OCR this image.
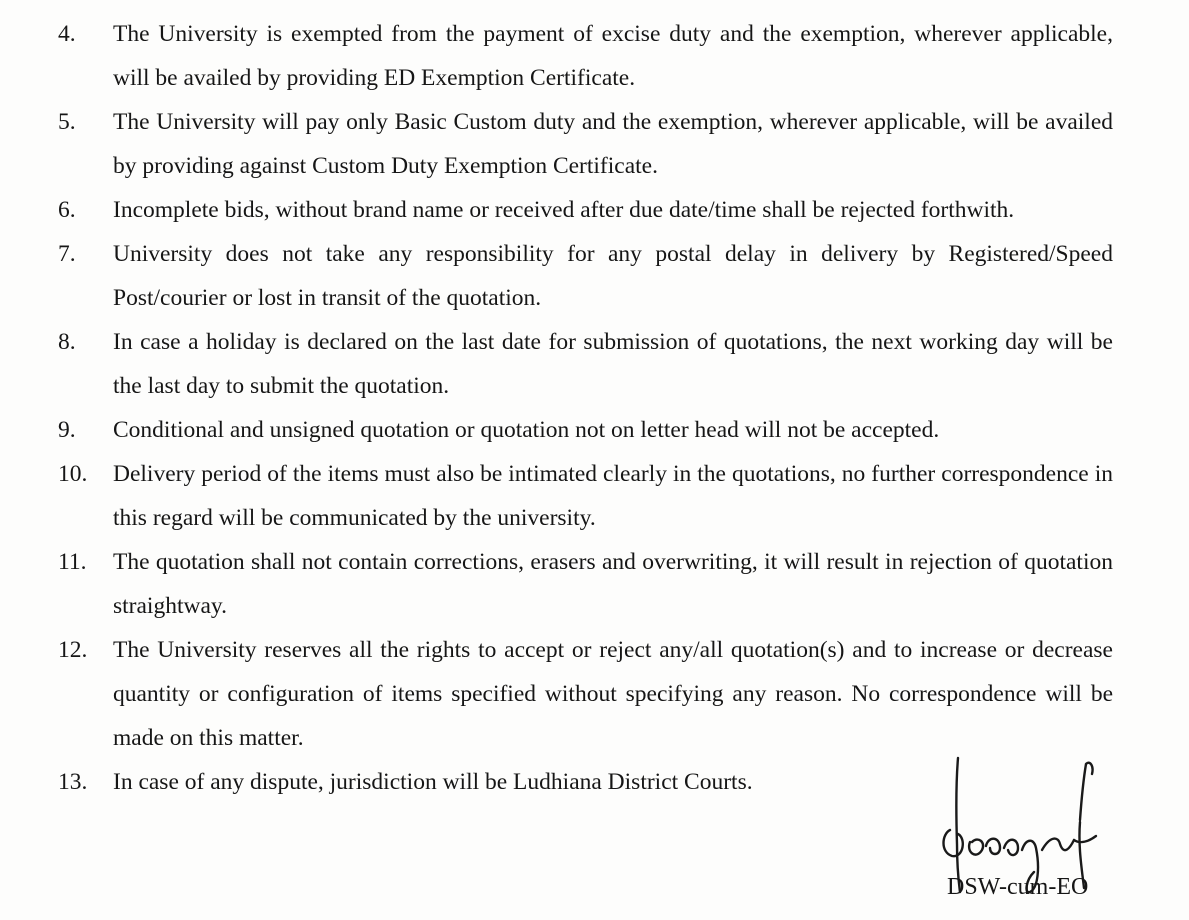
4.	The University is exempted from the payment of excise duty and the exemption, wherever applicable, will be availed by providing ED Exemption Certificate.
5.	The University will pay only Basic Custom duty and the exemption, wherever applicable, will be availed by providing against Custom Duty Exemption Certificate.
6.	Incomplete bids, without brand name or received after due date/time shall be rejected forthwith.
7.	University does not take any responsibility for any postal delay in delivery by Registered/Speed Post/courier or lost in transit of the quotation.
8.	In case a holiday is declared on the last date for submission of quotations, the next working day will be the last day to submit the quotation.
9.	Conditional and unsigned quotation or quotation not on letter head will not be accepted.
10.	Delivery period of the items must also be intimated clearly in the quotations, no further correspondence in this regard will be communicated by the university.
11.	The quotation shall not contain corrections, erasers and overwriting, it will result in rejection of quotation straightway.
12.	The University reserves all the rights to accept or reject any/all quotation(s) and to increase or decrease quantity or configuration of items specified without specifying any reason. No correspondence will be made on this matter.
13.	In case of any dispute, jurisdiction will be Ludhiana District Courts.
DSW-cum-EO
